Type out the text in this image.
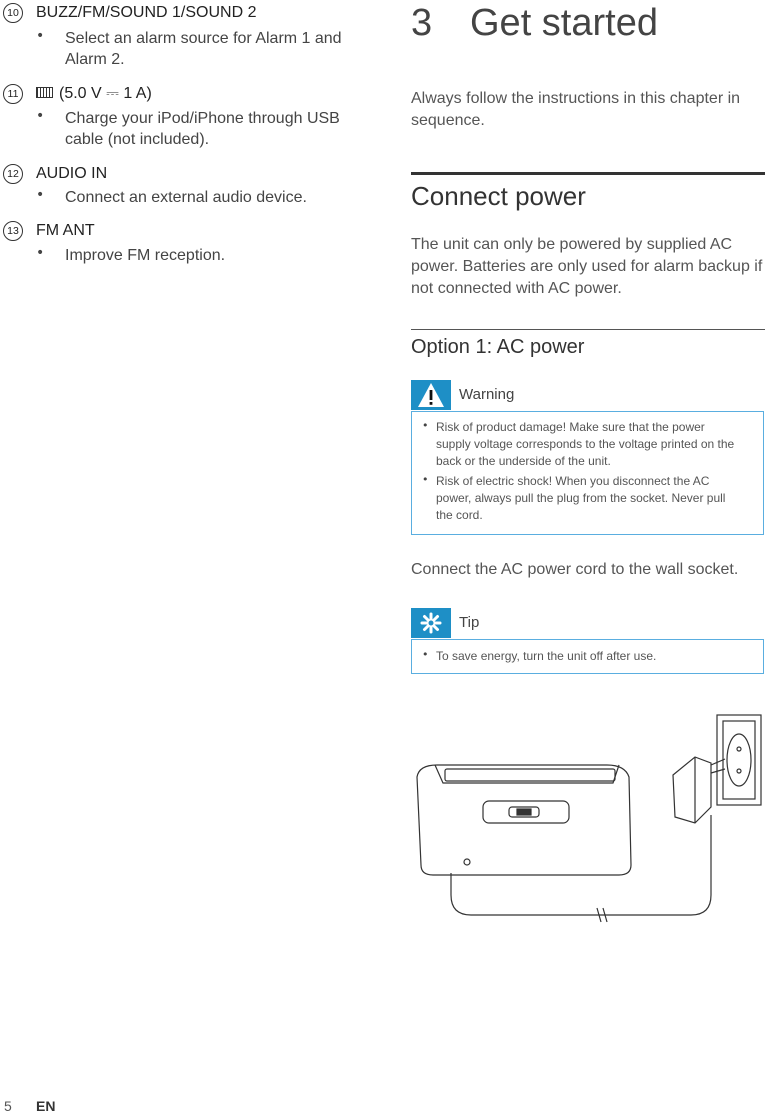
10 BUZZ/FM/SOUND 1/SOUND 2
• Select an alarm source for Alarm 1 and Alarm 2.
11	(5.0 V ⎓ 1 A)
• Charge your iPod/iPhone through USB cable (not included).
12 AUDIO IN
• Connect an external audio device.
13 FM ANT
• Improve FM reception.
3 Get started
Always follow the instructions in this chapter in sequence.
Connect power
The unit can only be powered by supplied AC power. Batteries are only used for alarm backup if not connected with AC power.
Option 1: AC power
Warning
• Risk of product damage! Make sure that the power supply voltage corresponds to the voltage printed on the back or the underside of the unit.
• Risk of electric shock! When you disconnect the AC power, always pull the plug from the socket. Never pull the cord.
Connect the AC power cord to the wall socket.
Tip
• To save energy, turn the unit off after use.
5 EN
